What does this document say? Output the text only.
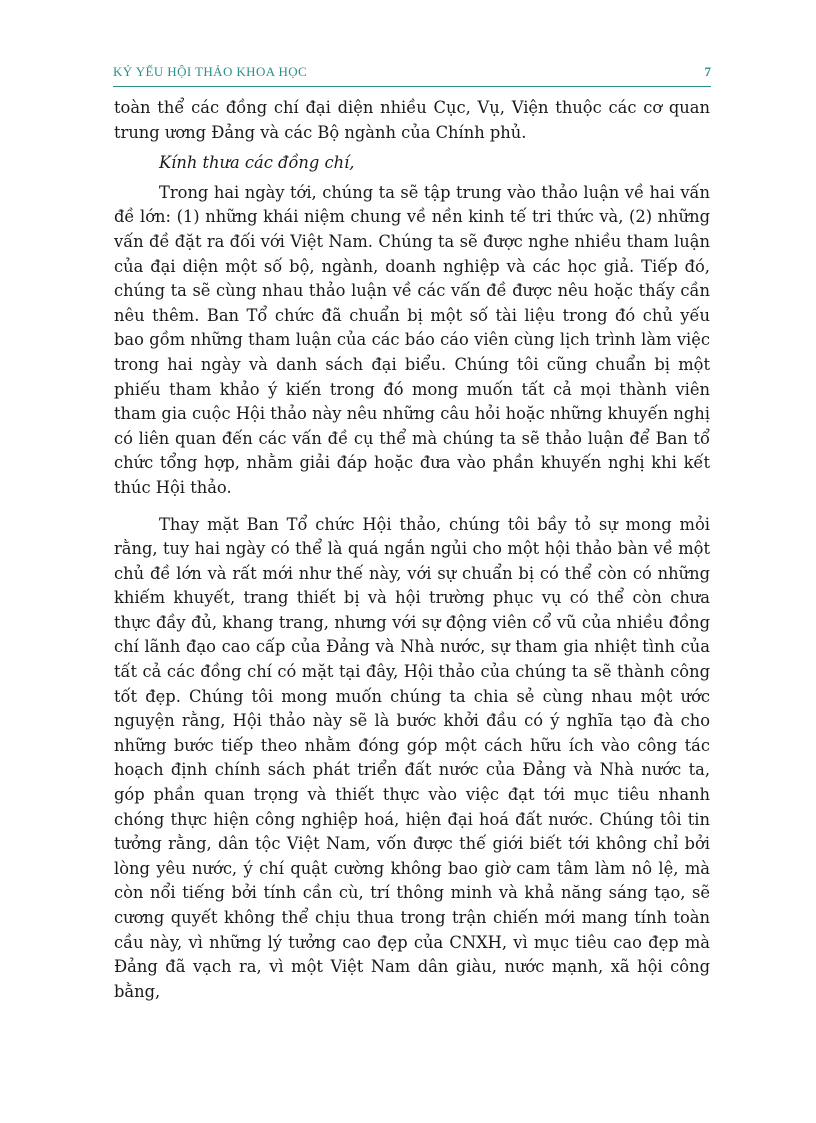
KỶ YẾU HỘI THẢO KHOA HỌC	7

toàn thể các đồng chí đại diện nhiều Cục, Vụ, Viện thuộc các cơ quan trung ương Đảng và các Bộ ngành của Chính phủ.

Kính thưa các đồng chí,

Trong hai ngày tới, chúng ta sẽ tập trung vào thảo luận về hai vấn đề lớn: (1) những khái niệm chung về nền kinh tế tri thức và, (2) những vấn đề đặt ra đối với Việt Nam. Chúng ta sẽ được nghe nhiều tham luận của đại diện một số bộ, ngành, doanh nghiệp và các học giả. Tiếp đó, chúng ta sẽ cùng nhau thảo luận về các vấn đề được nêu hoặc thấy cần nêu thêm. Ban Tổ chức đã chuẩn bị một số tài liệu trong đó chủ yếu bao gồm những tham luận của các báo cáo viên cùng lịch trình làm việc trong hai ngày và danh sách đại biểu. Chúng tôi cũng chuẩn bị một phiếu tham khảo ý kiến trong đó mong muốn tất cả mọi thành viên tham gia cuộc Hội thảo này nêu những câu hỏi hoặc những khuyến nghị có liên quan đến các vấn đề cụ thể mà chúng ta sẽ thảo luận để Ban tổ chức tổng hợp, nhằm giải đáp hoặc đưa vào phần khuyến nghị khi kết thúc Hội thảo.

Thay mặt Ban Tổ chức Hội thảo, chúng tôi bầy tỏ sự mong mỏi rằng, tuy hai ngày có thể là quá ngắn ngủi cho một hội thảo bàn về một chủ đề lớn và rất mới như thế này, với sự chuẩn bị có thể còn có những khiếm khuyết, trang thiết bị và hội trường phục vụ có thể còn chưa thực đầy đủ, khang trang, nhưng với sự động viên cổ vũ của nhiều đồng chí lãnh đạo cao cấp của Đảng và Nhà nước, sự tham gia nhiệt tình của tất cả các đồng chí có mặt tại đây, Hội thảo của chúng ta sẽ thành công tốt đẹp. Chúng tôi mong muốn chúng ta chia sẻ cùng nhau một ước nguyện rằng, Hội thảo này sẽ là bước khởi đầu có ý nghĩa tạo đà cho những bước tiếp theo nhằm đóng góp một cách hữu ích vào công tác hoạch định chính sách phát triển đất nước của Đảng và Nhà nước ta, góp phần quan trọng và thiết thực vào việc đạt tới mục tiêu nhanh chóng thực hiện công nghiệp hoá, hiện đại hoá đất nước. Chúng tôi tin tưởng rằng, dân tộc Việt Nam, vốn được thế giới biết tới không chỉ bởi lòng yêu nước, ý chí quật cường không bao giờ cam tâm làm nô lệ, mà còn nổi tiếng bởi tính cần cù, trí thông minh và khả năng sáng tạo, sẽ cương quyết không thể chịu thua trong trận chiến mới mang tính toàn cầu này, vì những lý tưởng cao đẹp của CNXH, vì mục tiêu cao đẹp mà Đảng đã vạch ra, vì một Việt Nam dân giàu, nước mạnh, xã hội công bằng,
